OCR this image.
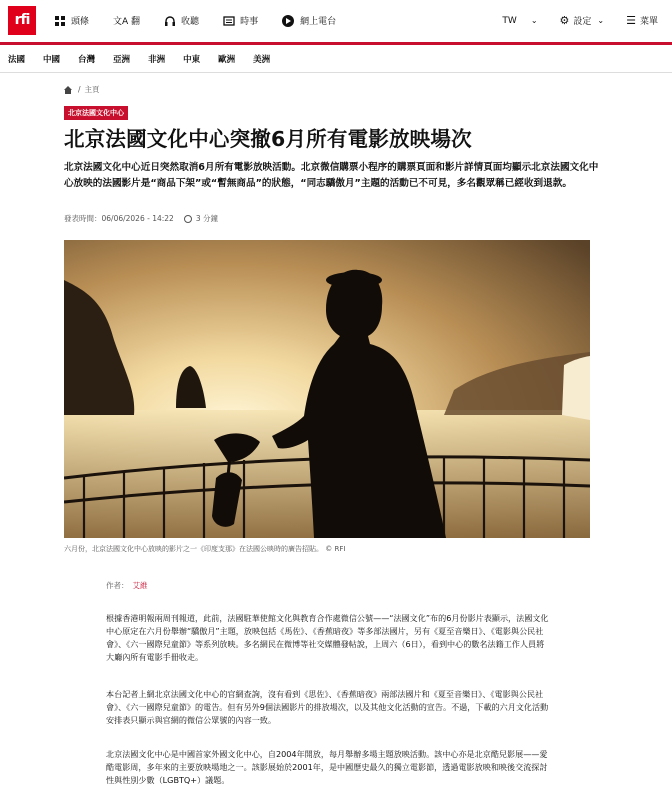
rfi	頭條	文A 翻	收聽	時事	網上電台	TW ⌄ ⚙ 設定 ⌄ ☰ 菜單
法國 中國 台灣 亞洲 非洲 中東 歐洲 美洲
/ 主頁
北京法國文化中心
北京法國文化中心突撤6月所有電影放映場次

北京法國文化中心近日突然取消6月所有電影放映活動。北京微信購票小程序的購票頁面和影片詳情頁面均顯示北京法國文化中心放映的法國影片是“商品下架”或“暫無商品”的狀態，“同志驕傲月”主題的活動已不可見，多名觀眾稱已經收到退款。

發表時間： 06/06/2026 - 14:22	3 分鐘
六月份，北京法國文化中心放映的影片之一《印度支那》在法國公映時的廣告招貼。 © RFI
作者： 艾維

根據香港明報兩周刊報道，此前，法國駐華使館文化與教育合作處微信公號——“法國文化”布的6月份影片表顯示，法國文化中心原定在六月份舉辦“驕傲月”主題，放映包括《馬佐》、《香蕉暗夜》等多部法國片，另有《夏至音樂日》、《電影與公民社會》、《六一國際兒童節》等系列放映。多名網民在微博等社交媒體發帖說，上周六（6日），看到中心的數名法籍工作人員將大廳內所有電影手冊收走。

本台記者上網北京法國文化中心的官網查詢，沒有看到《思佐》、《香蕉暗夜》兩部法國片和《夏至音樂日》、《電影與公民社會》、《六一國際兒童節》的電告。但有另外9個法國影片的排放場次，以及其他文化活動的宣告。不過，下載的六月文化活動安排表只顯示與官網的微信公眾號的內容一致。

北京法國文化中心是中國首家外國文化中心，自2004年開放，每月舉辦多場主題放映活動。該中心亦是北京酷兒影展——愛酷電影周，多年來的主要放映場地之一。該影展始於2001年，是中國歷史最久的獨立電影節，透過電影放映和映後交流探討性與性別少數（LGBTQ+）議題。
